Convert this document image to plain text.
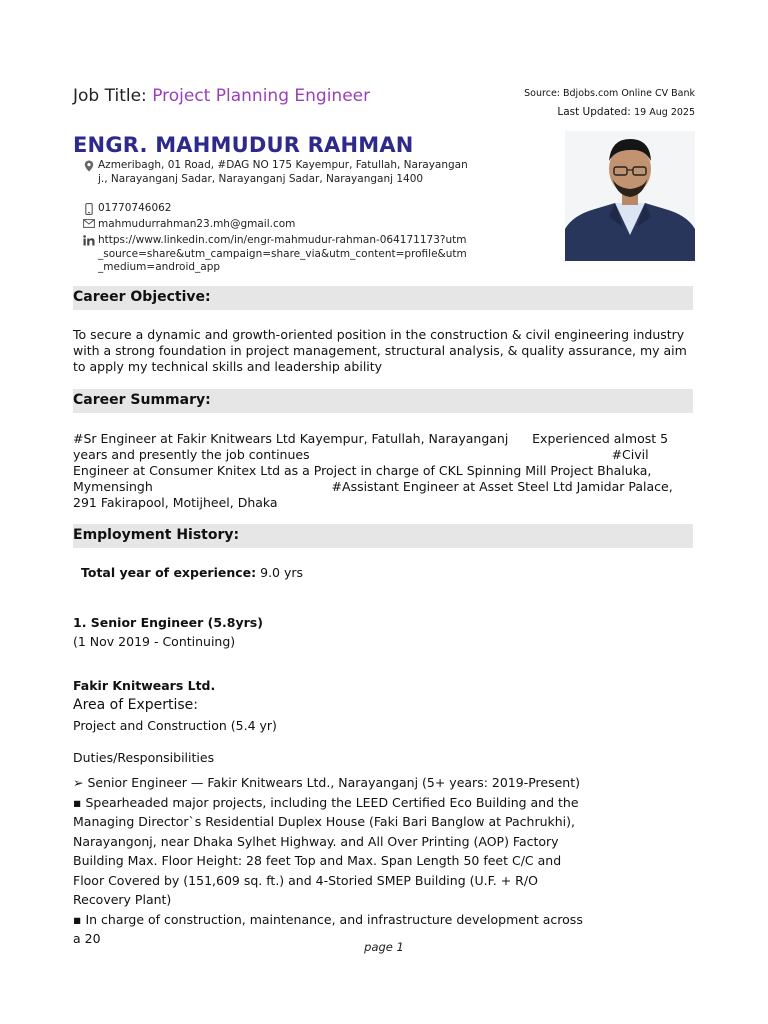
Job Title: Project Planning Engineer	Source: Bdjobs.com Online CV Bank
Last Updated: 19 Aug 2025
ENGR. MAHMUDUR RAHMAN
Azmeribagh, 01 Road, #DAG NO 175 Kayempur, Fatullah, Narayanganj., Narayanganj Sadar, Narayanganj Sadar, Narayanganj 1400
01770746062
mahmudurrahman23.mh@gmail.com
https://www.linkedin.com/in/engr-mahmudur-rahman-064171173?utm_source=share&utm_campaign=share_via&utm_content=profile&utm_medium=android_app
Career Objective:
To secure a dynamic and growth-oriented position in the construction & civil engineering industry with a strong foundation in project management, structural analysis, & quality assurance, my aim to apply my technical skills and leadership ability
Career Summary:
#Sr Engineer at Fakir Knitwears Ltd Kayempur, Fatullah, Narayanganj      Experienced almost 5 years and presently the job continues                                                                            #Civil Engineer at Consumer Knitex Ltd as a Project in charge of CKL Spinning Mill Project Bhaluka, Mymensingh                                             #Assistant Engineer at Asset Steel Ltd Jamidar Palace, 291 Fakirapool, Motijheel, Dhaka
Employment History:
Total year of experience: 9.0 yrs
1. Senior Engineer (5.8yrs)
(1 Nov 2019 - Continuing)
Fakir Knitwears Ltd.
Area of Expertise:
Project and Construction (5.4 yr)
Duties/Responsibilities
➢ Senior Engineer — Fakir Knitwears Ltd., Narayanganj (5+ years: 2019-Present)
▪ Spearheaded major projects, including the LEED Certified Eco Building and the Managing Director`s Residential Duplex House (Faki Bari Banglow at Pachrukhi), Narayangonj, near Dhaka Sylhet Highway. and All Over Printing (AOP) Factory Building Max. Floor Height: 28 feet Top and Max. Span Length 50 feet C/C and Floor Covered by (151,609 sq. ft.) and 4-Storied SMEP Building (U.F. + R/O Recovery Plant)
▪ In charge of construction, maintenance, and infrastructure development across a 20
page 1
